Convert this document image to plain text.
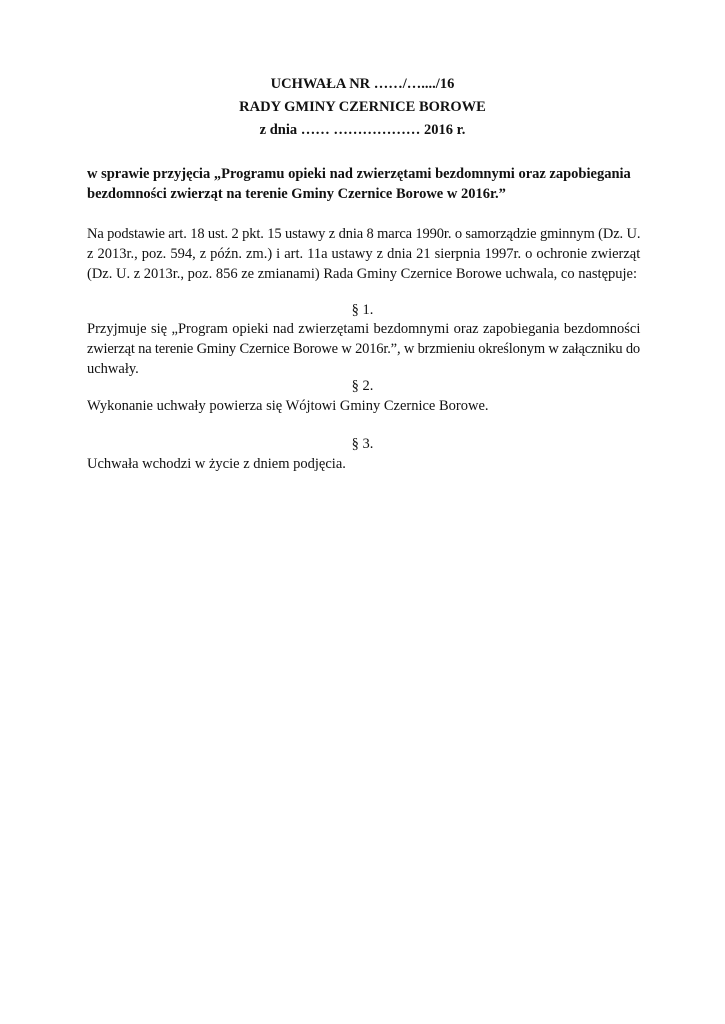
UCHWAŁA NR ……/…..../16
RADY GMINY CZERNICE BOROWE
z dnia …… ……………… 2016 r.
w sprawie przyjęcia „Programu opieki nad zwierzętami bezdomnymi oraz zapobiegania
bezdomności zwierząt na terenie Gminy Czernice Borowe w 2016r.”
Na podstawie art. 18 ust. 2 pkt. 15 ustawy z dnia 8 marca 1990r. o samorządzie gminnym (Dz. U.
z 2013r., poz. 594, z późn. zm.) i art. 11a ustawy z dnia 21 sierpnia 1997r. o ochronie zwierząt
(Dz. U. z 2013r., poz. 856 ze zmianami) Rada Gminy Czernice Borowe uchwala, co następuje:
§ 1.
Przyjmuje się „Program opieki nad zwierzętami bezdomnymi oraz zapobiegania bezdomności
zwierząt na terenie Gminy Czernice Borowe w 2016r.”, w brzmieniu określonym w załączniku do
uchwały.
§ 2.
Wykonanie uchwały powierza się Wójtowi Gminy Czernice Borowe.
§ 3.
Uchwała wchodzi w życie z dniem podjęcia.
